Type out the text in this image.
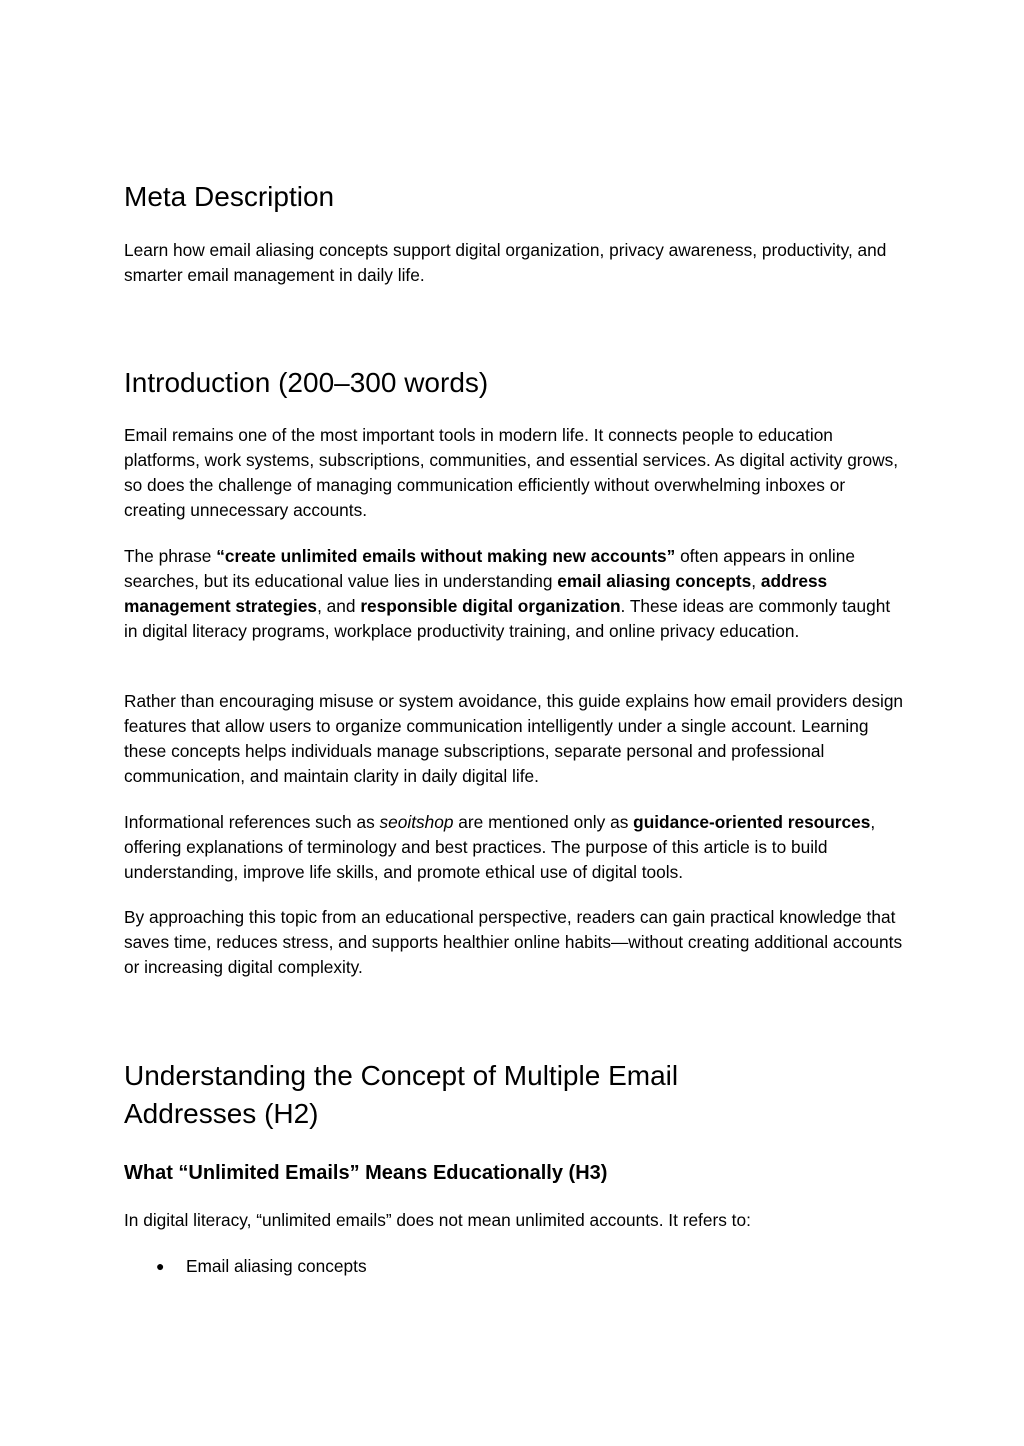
Meta Description

Learn how email aliasing concepts support digital organization, privacy awareness, productivity, and smarter email management in daily life.

Introduction (200–300 words)

Email remains one of the most important tools in modern life. It connects people to education platforms, work systems, subscriptions, communities, and essential services. As digital activity grows, so does the challenge of managing communication efficiently without overwhelming inboxes or creating unnecessary accounts.

The phrase “create unlimited emails without making new accounts” often appears in online searches, but its educational value lies in understanding email aliasing concepts, address management strategies, and responsible digital organization. These ideas are commonly taught in digital literacy programs, workplace productivity training, and online privacy education.

Rather than encouraging misuse or system avoidance, this guide explains how email providers design features that allow users to organize communication intelligently under a single account. Learning these concepts helps individuals manage subscriptions, separate personal and professional communication, and maintain clarity in daily digital life.

Informational references such as seoitshop are mentioned only as guidance-oriented resources, offering explanations of terminology and best practices. The purpose of this article is to build understanding, improve life skills, and promote ethical use of digital tools.

By approaching this topic from an educational perspective, readers can gain practical knowledge that saves time, reduces stress, and supports healthier online habits—without creating additional accounts or increasing digital complexity.

Understanding the Concept of Multiple Email
Addresses (H2)
What “Unlimited Emails” Means Educationally (H3)

In digital literacy, “unlimited emails” does not mean unlimited accounts. It refers to:

● Email aliasing concepts
